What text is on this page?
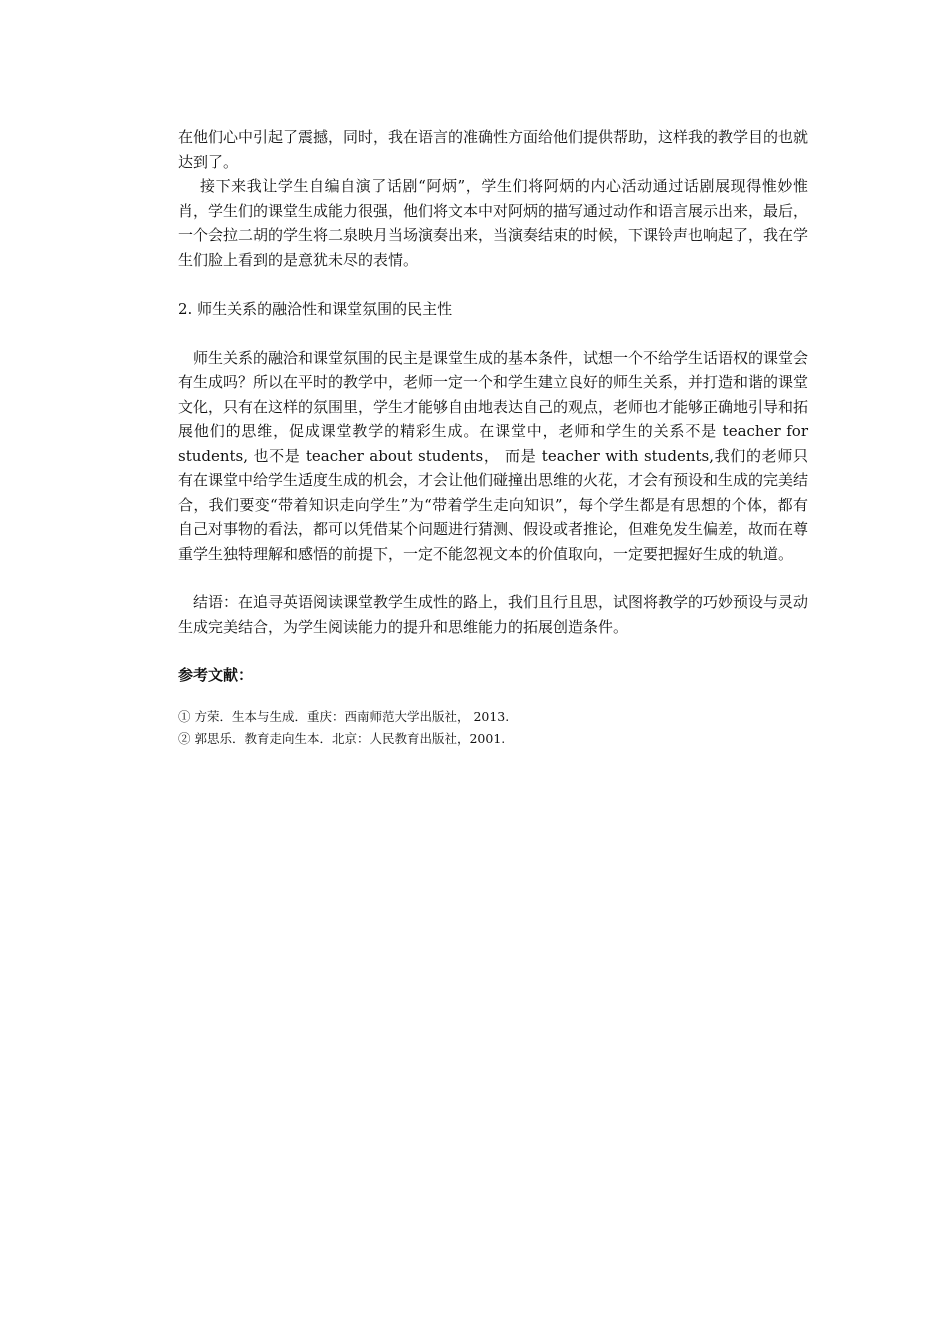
在他们心中引起了震撼，同时，我在语言的准确性方面给他们提供帮助，这样我的教学目的也就达到了。

接下来我让学生自编自演了话剧“阿炳”，学生们将阿炳的内心活动通过话剧展现得惟妙惟肖，学生们的课堂生成能力很强，他们将文本中对阿炳的描写通过动作和语言展示出来，最后，一个会拉二胡的学生将二泉映月当场演奏出来，当演奏结束的时候，下课铃声也响起了，我在学生们脸上看到的是意犹未尽的表情。

2. 师生关系的融洽性和课堂氛围的民主性

师生关系的融洽和课堂氛围的民主是课堂生成的基本条件，试想一个不给学生话语权的课堂会有生成吗？所以在平时的教学中，老师一定一个和学生建立良好的师生关系，并打造和谐的课堂文化，只有在这样的氛围里，学生才能够自由地表达自己的观点，老师也才能够正确地引导和拓展他们的思维，促成课堂教学的精彩生成。在课堂中，老师和学生的关系不是 teacher for students, 也不是 teacher about students， 而是 teacher with students,我们的老师只有在课堂中给学生适度生成的机会，才会让他们碰撞出思维的火花，才会有预设和生成的完美结合，我们要变“带着知识走向学生”为“带着学生走向知识”，每个学生都是有思想的个体，都有自己对事物的看法，都可以凭借某个问题进行猜测、假设或者推论，但难免发生偏差，故而在尊重学生独特理解和感悟的前提下，一定不能忽视文本的价值取向，一定要把握好生成的轨道。

结语：在追寻英语阅读课堂教学生成性的路上，我们且行且思，试图将教学的巧妙预设与灵动生成完美结合，为学生阅读能力的提升和思维能力的拓展创造条件。

参考文献：

① 方荣．生本与生成．重庆：西南师范大学出版社， 2013.
② 郭思乐．教育走向生本．北京：人民教育出版社，2001.
